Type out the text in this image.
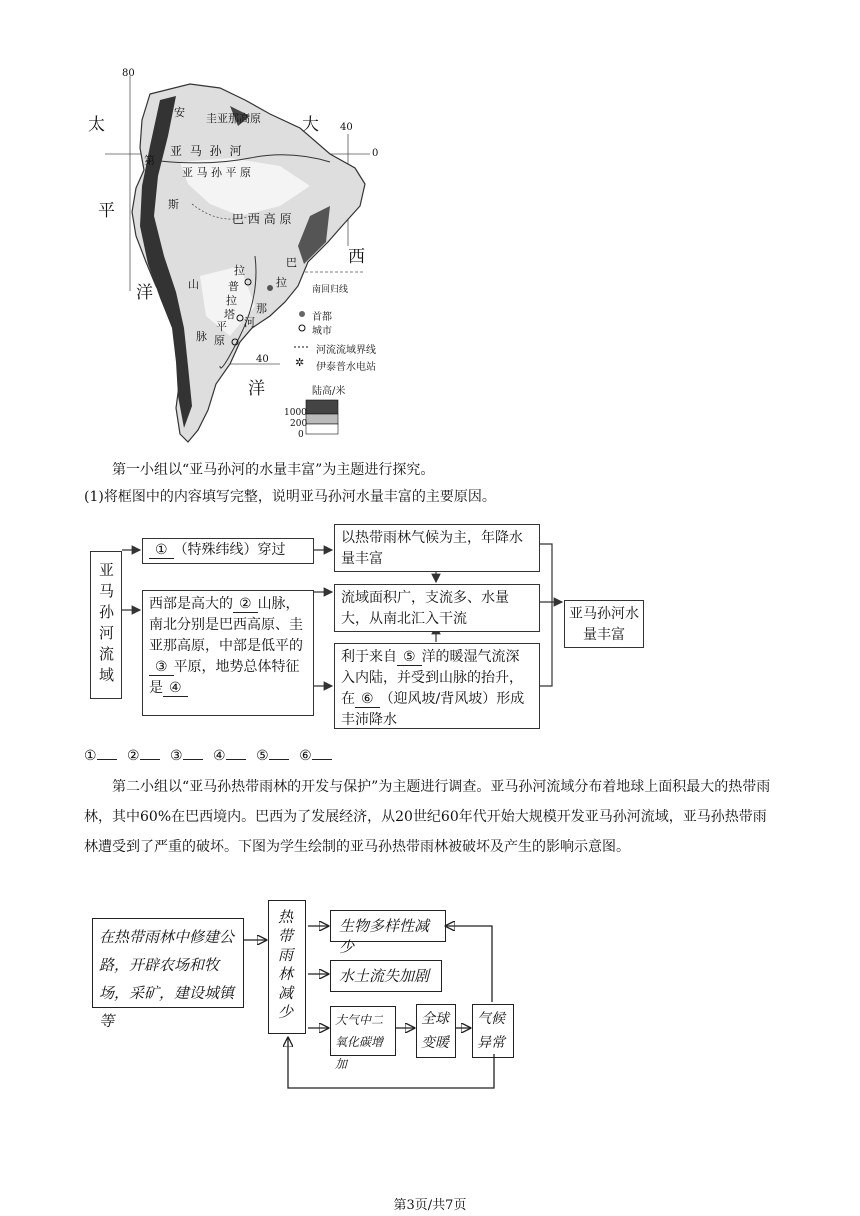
✲
80
40
0
40
太
平
洋
大
西
洋
安
第
斯
山
脉
圭亚那高原
亚 马 孙 河
亚 马 孙 平 原
巴 西 高 原
拉
普
拉
塔
平
原
巴
拉
那
河
南回归线
首都
城市
河流流域界线
伊泰普水电站
陆高/米
1000
200
0
第一小组以“亚马孙河的水量丰富”为主题进行探究。
(1)将框图中的内容填写完整，说明亚马孙河水量丰富的主要原因。
亚马孙河流域
① （特殊纬线）穿过
西部是高大的 ② 山脉，南北分别是巴西高原、圭亚那高原，中部是低平的③ 平原，地势总体特征是 ④
以热带雨林气候为主，年降水量丰富
流域面积广，支流多、水量大，从南北汇入干流
利于来自 ⑤ 洋的暖湿气流深入内陆，并受到山脉的抬升，在 ⑥ （迎风坡/背风坡）形成丰沛降水
亚马孙河水量丰富
① ② ③ ④ ⑤ ⑥
第二小组以“亚马孙热带雨林的开发与保护”为主题进行调查。亚马孙河流域分布着地球上面积最大的热带雨林，其中60%在巴西境内。巴西为了发展经济，从20世纪60年代开始大规模开发亚马孙河流域，亚马孙热带雨林遭受到了严重的破坏。下图为学生绘制的亚马孙热带雨林被破坏及产生的影响示意图。
在热带雨林中修建公路，开辟农场和牧场，采矿，建设城镇等	热带雨林减少	生物多样性减少
水土流失加剧
大气中二氧化碳增加
全球变暖
气候异常
第3页/共7页
